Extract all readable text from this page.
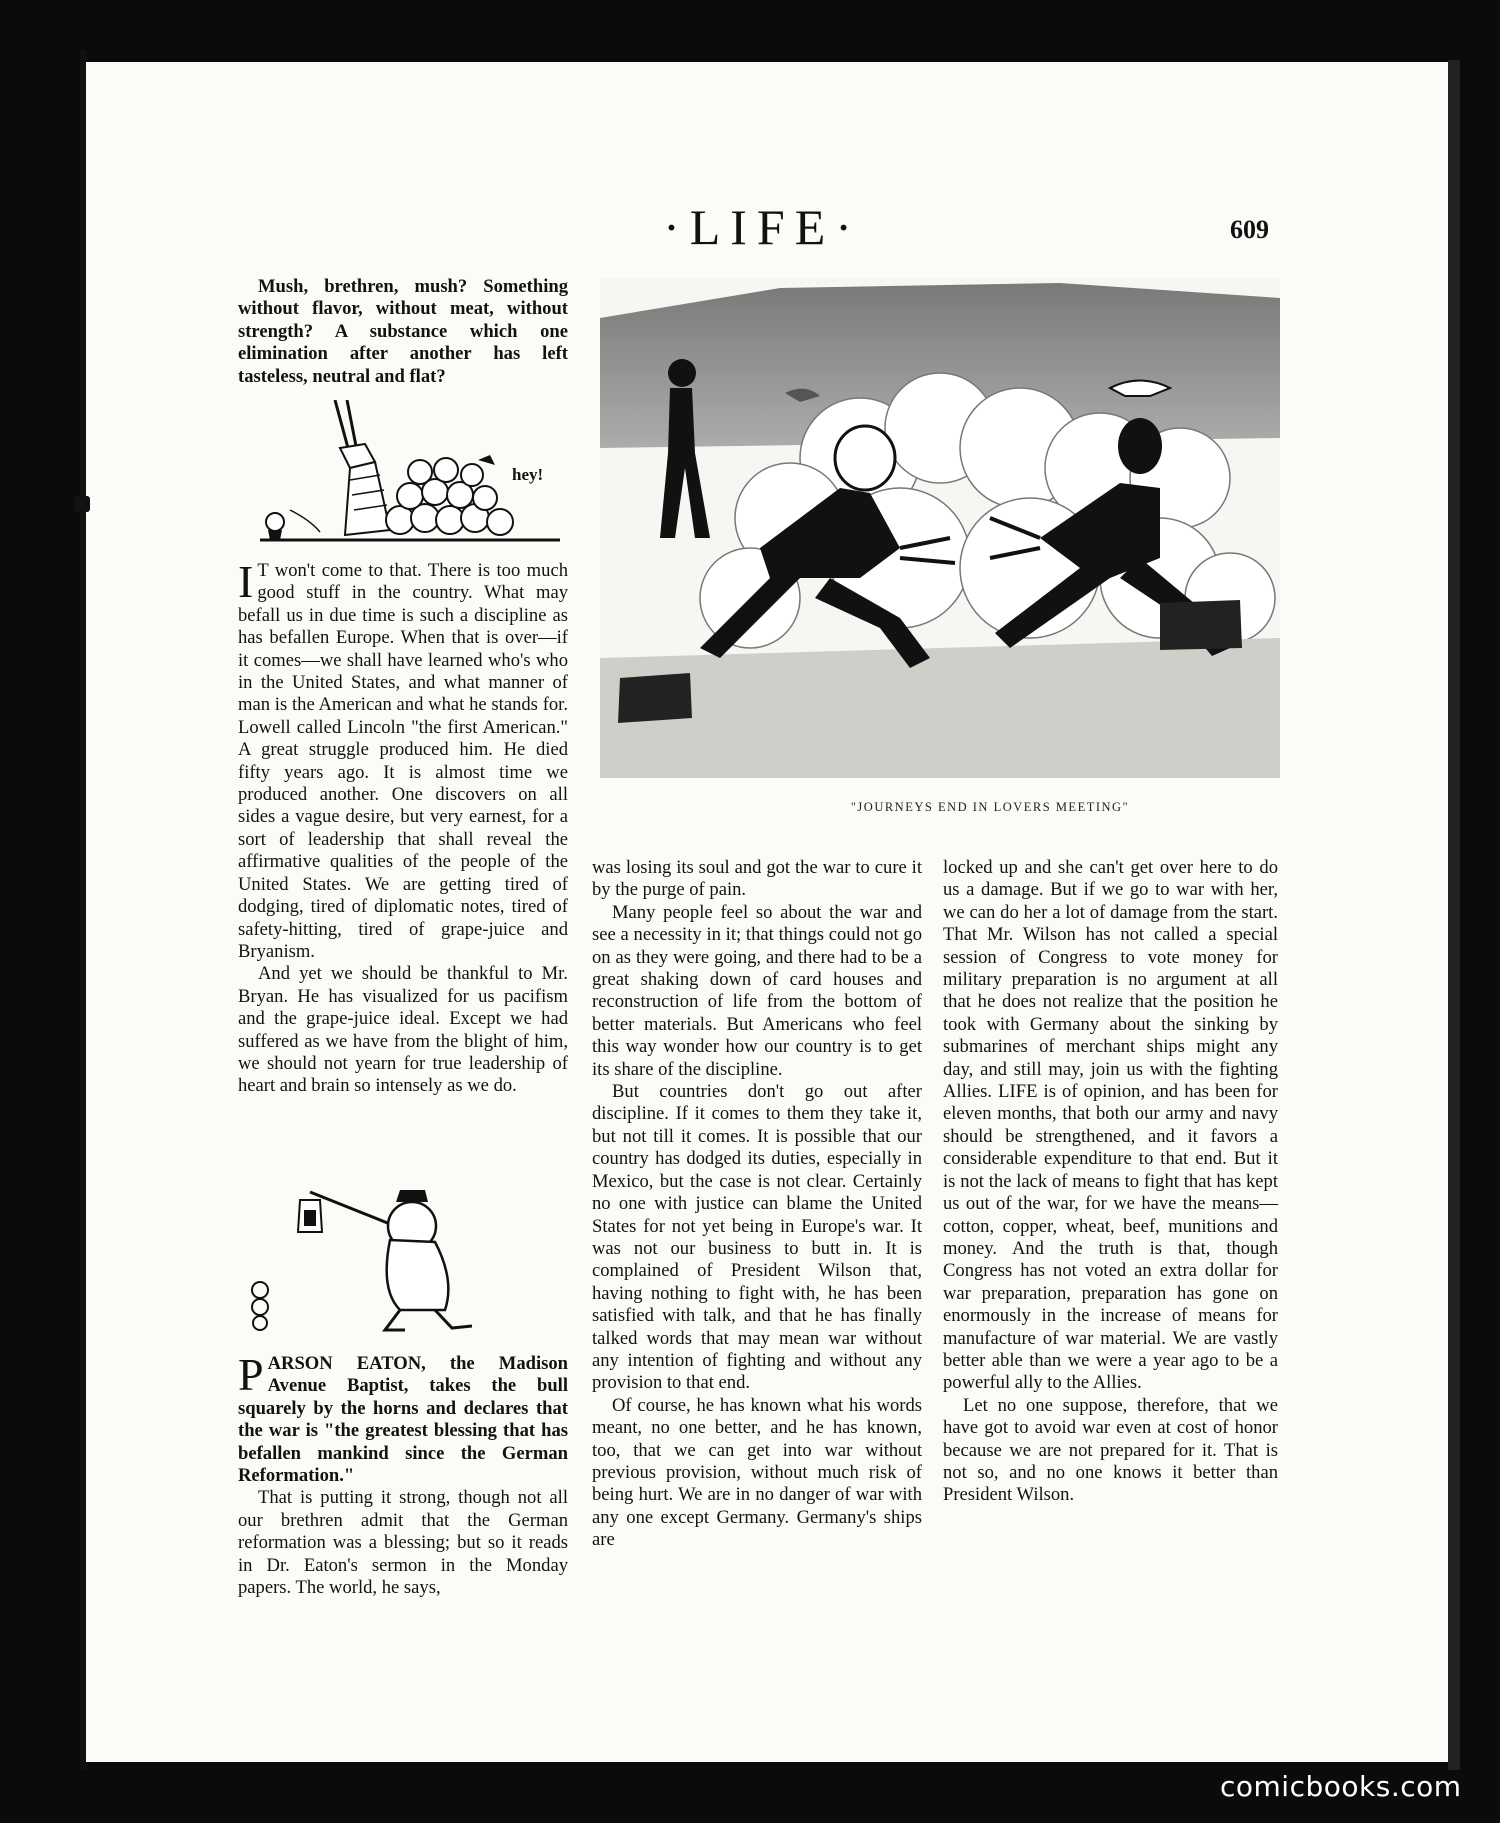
·LIFE·	609

Mush, brethren, mush? Something without flavor, without meat, without strength? A substance which one elimination after another has left tasteless, neutral and flat?

hey!

I T won't come to that. There is too much good stuff in the country. What may befall us in due time is such a discipline as has befallen Europe. When that is over—if it comes—we shall have learned who's who in the United States, and what manner of man is the American and what he stands for. Lowell called Lincoln "the first American." A great struggle produced him. He died fifty years ago. It is almost time we produced another. One discovers on all sides a vague desire, but very earnest, for a sort of leadership that shall reveal the affirmative qualities of the people of the United States. We are getting tired of dodging, tired of diplomatic notes, tired of safety-hitting, tired of grape-juice and Bryanism.

And yet we should be thankful to Mr. Bryan. He has visualized for us pacifism and the grape-juice ideal. Except we had suffered as we have from the blight of him, we should not yearn for true leadership of heart and brain so intensely as we do.

PARSON EATON, the Madison Avenue Baptist, takes the bull squarely by the horns and declares that the war is "the greatest blessing that has befallen mankind since the German Reformation."

That is putting it strong, though not all our brethren admit that the German reformation was a blessing; but so it reads in Dr. Eaton's sermon in the Monday papers. The world, he says,

"JOURNEYS END IN LOVERS MEETING"

was losing its soul and got the war to cure it by the purge of pain.

Many people feel so about the war and see a necessity in it; that things could not go on as they were going, and there had to be a great shaking down of card houses and reconstruction of life from the bottom of better materials. But Americans who feel this way wonder how our country is to get its share of the discipline.

But countries don't go out after discipline. If it comes to them they take it, but not till it comes. It is possible that our country has dodged its duties, especially in Mexico, but the case is not clear. Certainly no one with justice can blame the United States for not yet being in Europe's war. It was not our business to butt in. It is complained of President Wilson that, having nothing to fight with, he has been satisfied with talk, and that he has finally talked words that may mean war without any intention of fighting and without any provision to that end.

Of course, he has known what his words meant, no one better, and he has known, too, that we can get into war without previous provision, without much risk of being hurt. We are in no danger of war with any one except Germany. Germany's ships are

locked up and she can't get over here to do us a damage. But if we go to war with her, we can do her a lot of damage from the start. That Mr. Wilson has not called a special session of Congress to vote money for military preparation is no argument at all that he does not realize that the position he took with Germany about the sinking by submarines of merchant ships might any day, and still may, join us with the fighting Allies. LIFE is of opinion, and has been for eleven months, that both our army and navy should be strengthened, and it favors a considerable expenditure to that end. But it is not the lack of means to fight that has kept us out of the war, for we have the means—cotton, copper, wheat, beef, munitions and money. And the truth is that, though Congress has not voted an extra dollar for war preparation, preparation has gone on enormously in the increase of means for manufacture of war material. We are vastly better able than we were a year ago to be a powerful ally to the Allies.

Let no one suppose, therefore, that we have got to avoid war even at cost of honor because we are not prepared for it. That is not so, and no one knows it better than President Wilson.

comicbooks.com
